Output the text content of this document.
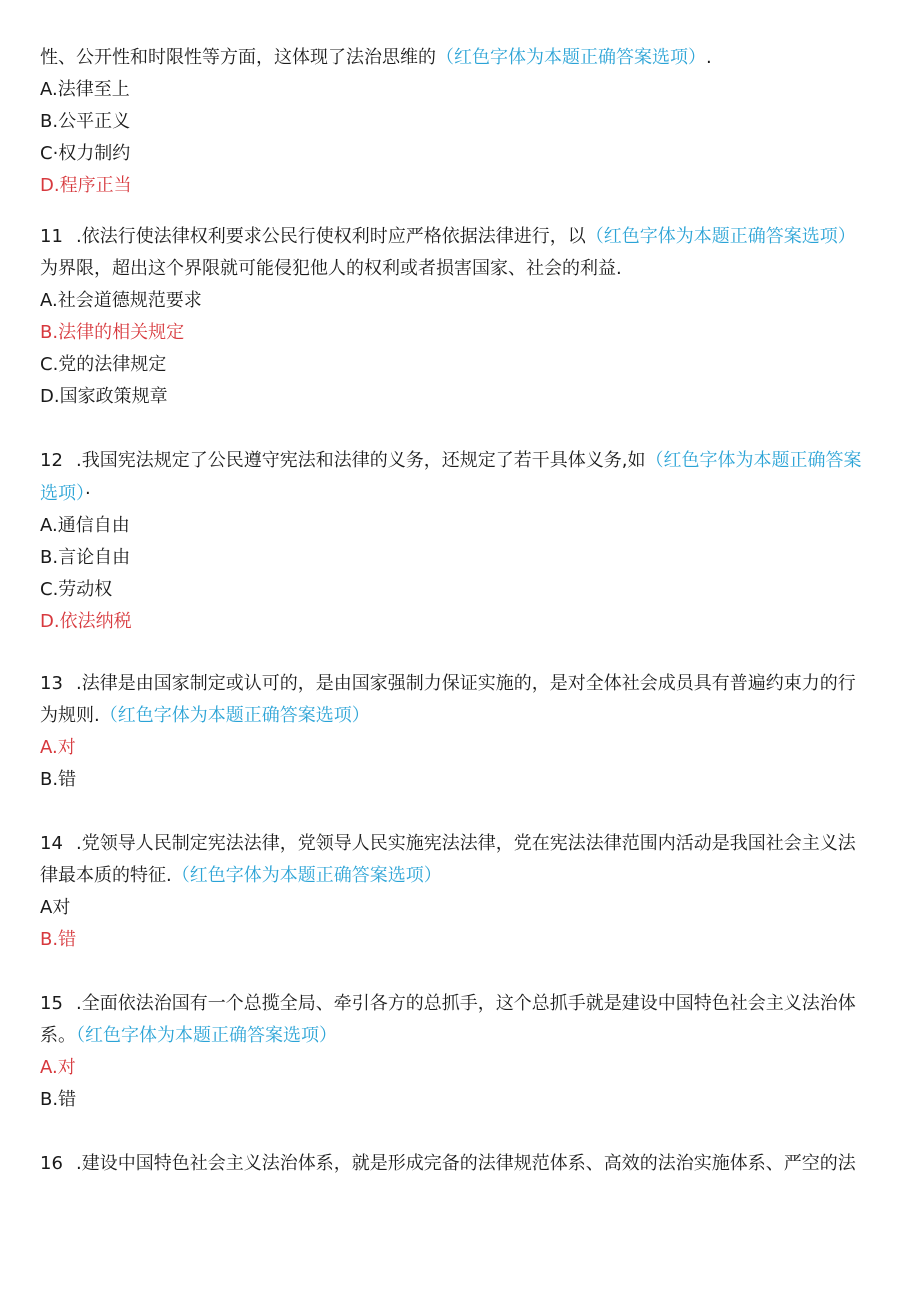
性、公开性和时限性等方面，这体现了法治思维的（红色字体为本题正确答案选项）.
A.法律至上
B.公平正义
C·权力制约
D.程序正当
11 .依法行使法律权利要求公民行使权利时应严格依据法律进行，以（红色字体为本题正确答案选项）
为界限，超出这个界限就可能侵犯他人的权利或者损害国家、社会的利益.
A.社会道德规范要求
B.法律的相关规定
C.党的法律规定
D.国家政策规章
12 .我国宪法规定了公民遵守宪法和法律的义务，还规定了若干具体义务,如（红色字体为本题正确答案
选项）·
A.通信自由
B.言论自由
C.劳动权
D.依法纳税
13 .法律是由国家制定或认可的，是由国家强制力保证实施的，是对全体社会成员具有普遍约束力的行
为规则.（红色字体为本题正确答案选项）
A.对
B.错
14 .党领导人民制定宪法法律，党领导人民实施宪法法律，党在宪法法律范围内活动是我国社会主义法
律最本质的特征.（红色字体为本题正确答案选项）
A对
B.错
15 .全面依法治国有一个总揽全局、牵引各方的总抓手，这个总抓手就是建设中国特色社会主义法治体
系。（红色字体为本题正确答案选项）
A.对
B.错
16 .建设中国特色社会主义法治体系，就是形成完备的法律规范体系、高效的法治实施体系、严空的法
